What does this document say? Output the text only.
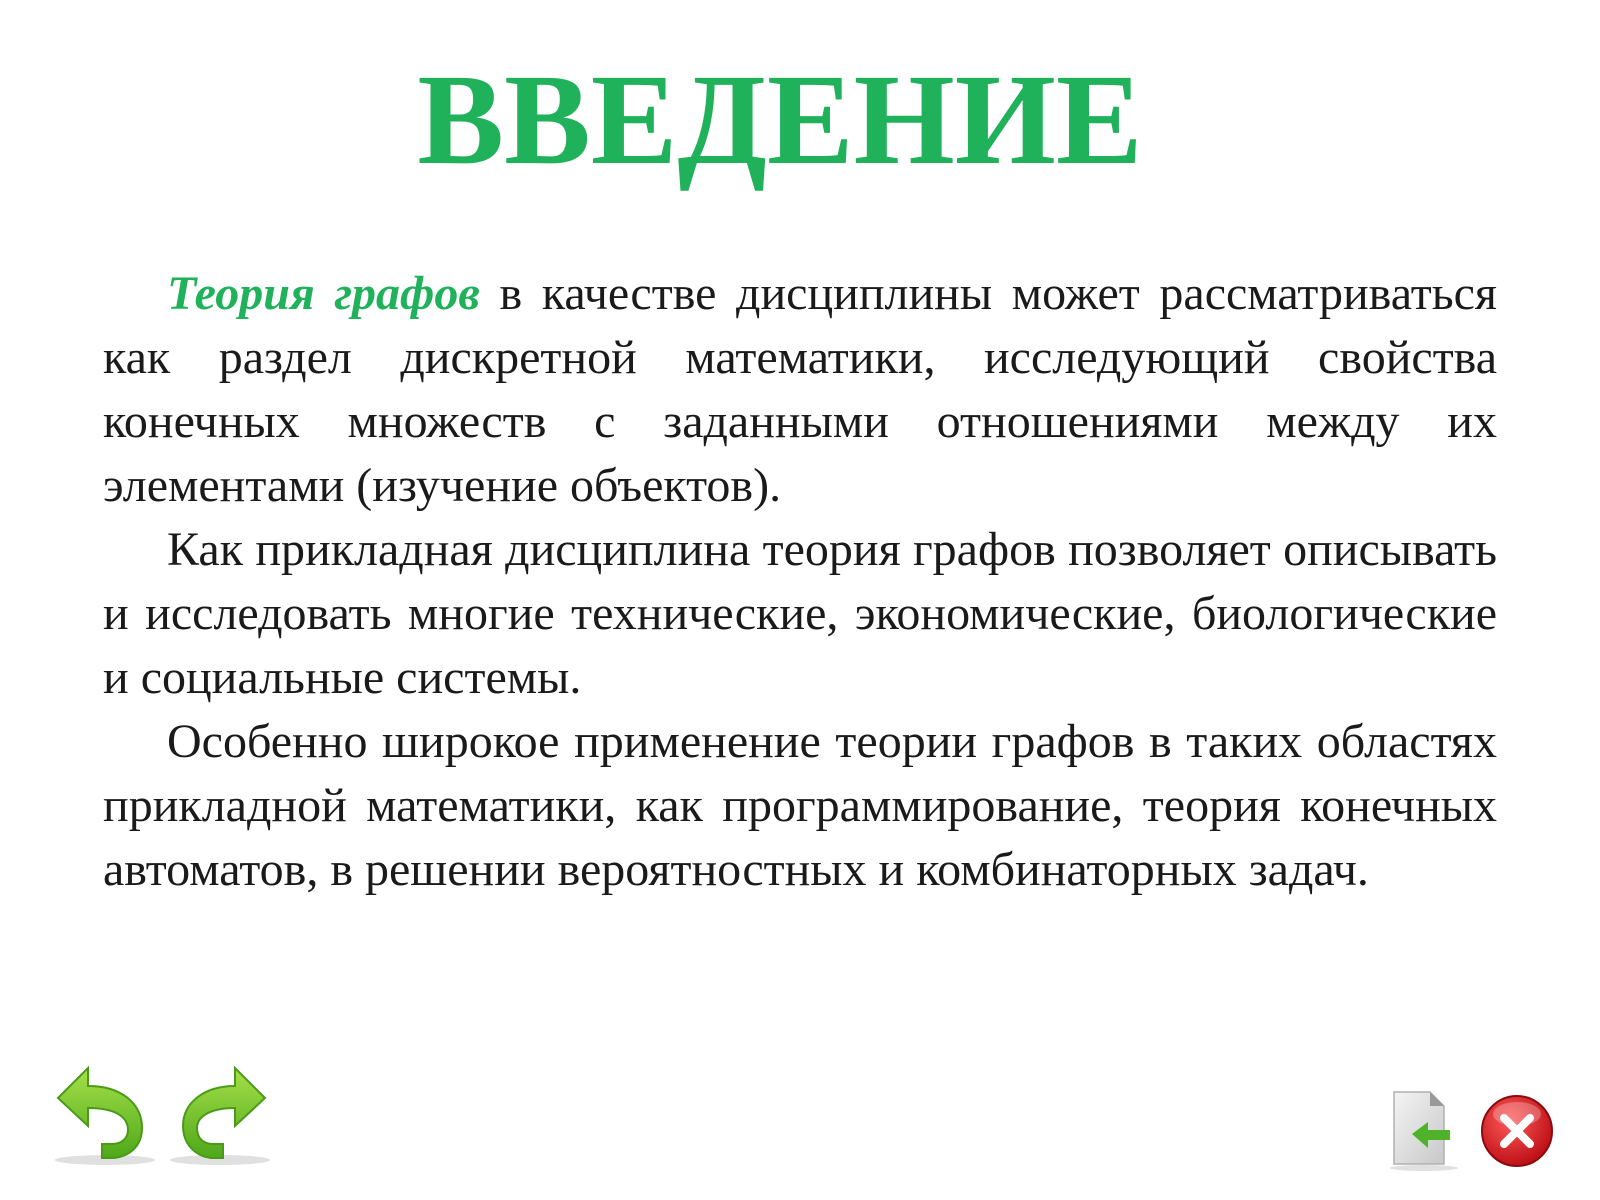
ВВЕДЕНИЕ

Теория графов в качестве дисциплины может рассматриваться как раздел дискретной математики, исследующий свойства конечных множеств с заданными отношениями между их элементами (изучение объектов).

Как прикладная дисциплина теория графов позволяет описывать и исследовать многие технические, экономические, биологические и социальные системы.

Особенно широкое применение теории графов в таких областях прикладной математики, как программирование, теория конечных автоматов, в решении вероятностных и комбинаторных задач.
